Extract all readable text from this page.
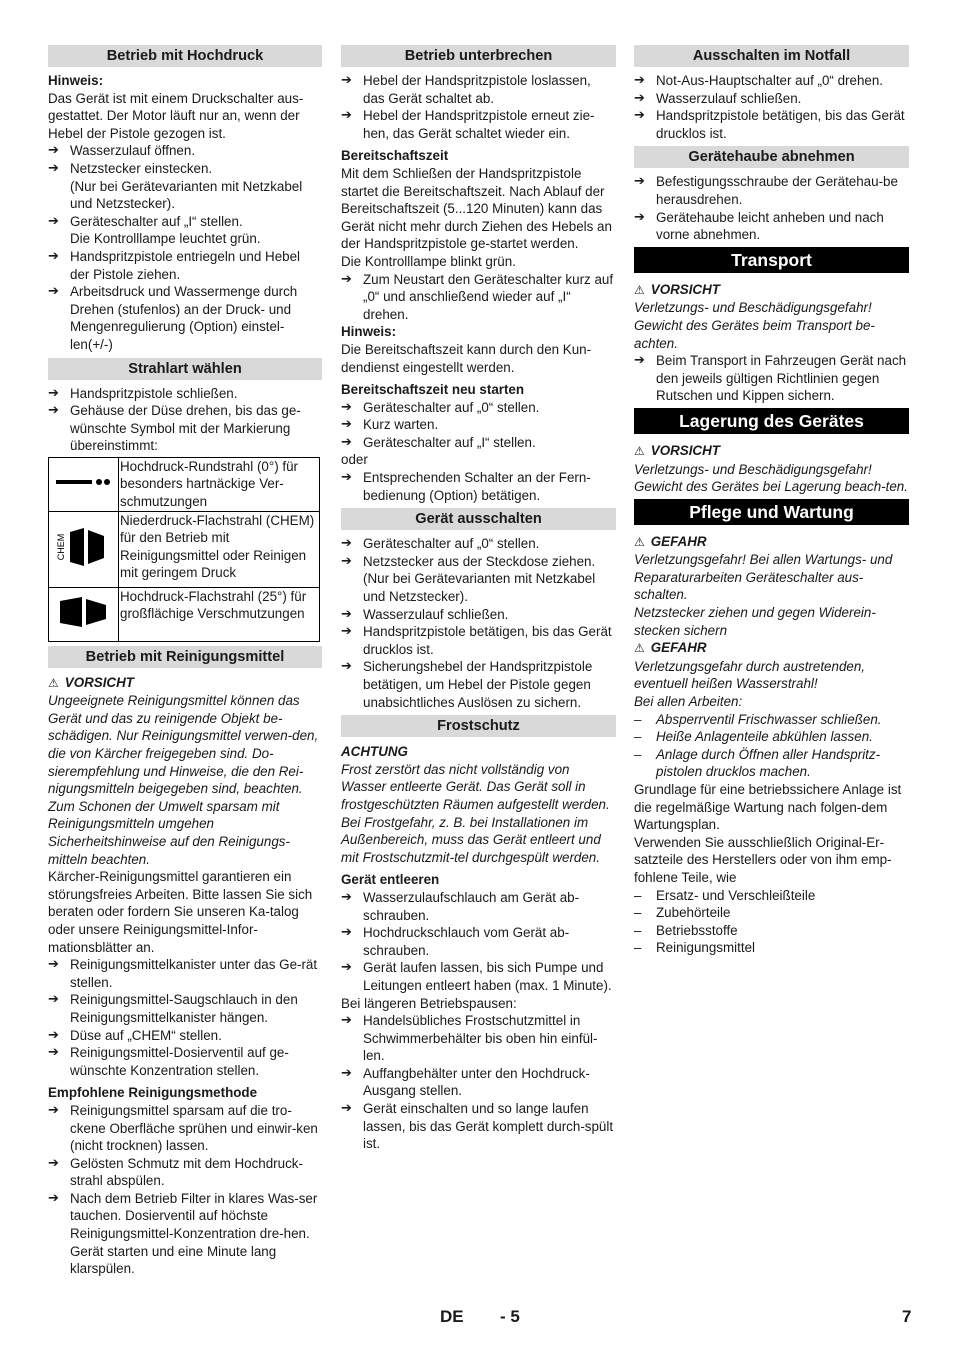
Betrieb mit Hochdruck
Hinweis:
Das Gerät ist mit einem Druckschalter aus-gestattet. Der Motor läuft nur an, wenn der Hebel der Pistole gezogen ist.
➔ Wasserzulauf öffnen.
➔ Netzstecker einstecken.
(Nur bei Gerätevarianten mit Netzkabel und Netzstecker).
➔ Geräteschalter auf „I“ stellen.
Die Kontrolllampe leuchtet grün.
➔ Handspritzpistole entriegeln und Hebel der Pistole ziehen.
➔ Arbeitsdruck und Wassermenge durch Drehen (stufenlos) an der Druck- und Mengenregulierung (Option) einstel-len(+/-)
Strahlart wählen
➔ Handspritzpistole schließen.
➔ Gehäuse der Düse drehen, bis das ge-wünschte Symbol mit der Markierung übereinstimmt:
	Hochdruck-Rundstrahl (0°) für besonders hartnäckige Ver-schmutzungen

CHEM	Niederdruck-Flachstrahl (CHEM) für den Betrieb mit Reinigungsmittel oder Reinigen mit geringem Druck
	Hochdruck-Flachstrahl (25°) für großflächige Verschmutzungen
Betrieb mit Reinigungsmittel
⚠ VORSICHT
Ungeeignete Reinigungsmittel können das Gerät und das zu reinigende Objekt be-schädigen. Nur Reinigungsmittel verwen-den, die von Kärcher freigegeben sind. Do-sierempfehlung und Hinweise, die den Rei-nigungsmitteln beigegeben sind, beachten. Zum Schonen der Umwelt sparsam mit Reinigungsmitteln umgehen Sicherheitshinweise auf den Reinigungs-mitteln beachten.
Kärcher-Reinigungsmittel garantieren ein störungsfreies Arbeiten. Bitte lassen Sie sich beraten oder fordern Sie unseren Ka-talog oder unsere Reinigungsmittel-Infor-mationsblätter an.
➔ Reinigungsmittelkanister unter das Ge-rät stellen.
➔ Reinigungsmittel-Saugschlauch in den Reinigungsmittelkanister hängen.
➔ Düse auf „CHEM“ stellen.
➔ Reinigungsmittel-Dosierventil auf ge-wünschte Konzentration stellen.
Empfohlene Reinigungsmethode
➔ Reinigungsmittel sparsam auf die tro-ckene Oberfläche sprühen und einwir-ken (nicht trocknen) lassen.
➔ Gelösten Schmutz mit dem Hochdruck-strahl abspülen.
➔ Nach dem Betrieb Filter in klares Was-ser tauchen. Dosierventil auf höchste Reinigungsmittel-Konzentration dre-hen. Gerät starten und eine Minute lang klarspülen.
Betrieb unterbrechen
➔ Hebel der Handspritzpistole loslassen, das Gerät schaltet ab.
➔ Hebel der Handspritzpistole erneut zie-hen, das Gerät schaltet wieder ein.
Bereitschaftszeit
Mit dem Schließen der Handspritzpistole startet die Bereitschaftszeit. Nach Ablauf der Bereitschaftszeit (5...120 Minuten) kann das Gerät nicht mehr durch Ziehen des Hebels an der Handspritzpistole ge-startet werden.
Die Kontrolllampe blinkt grün.
➔ Zum Neustart den Geräteschalter kurz auf „0“ und anschließend wieder auf „I“ drehen.
Hinweis:
Die Bereitschaftszeit kann durch den Kun-dendienst eingestellt werden.
Bereitschaftszeit neu starten
➔ Geräteschalter auf „0“ stellen.
➔ Kurz warten.
➔ Geräteschalter auf „I“ stellen.
oder
➔ Entsprechenden Schalter an der Fern-bedienung (Option) betätigen.
Gerät ausschalten
➔ Geräteschalter auf „0“ stellen.
➔ Netzstecker aus der Steckdose ziehen. (Nur bei Gerätevarianten mit Netzkabel und Netzstecker).
➔ Wasserzulauf schließen.
➔ Handspritzpistole betätigen, bis das Gerät drucklos ist.
➔ Sicherungshebel der Handspritzpistole betätigen, um Hebel der Pistole gegen unabsichtliches Auslösen zu sichern.
Frostschutz
ACHTUNG
Frost zerstört das nicht vollständig von Wasser entleerte Gerät. Das Gerät soll in frostgeschützten Räumen aufgestellt werden. Bei Frostgefahr, z. B. bei Installationen im Außenbereich, muss das Gerät entleert und mit Frostschutzmit-tel durchgespült werden.
Gerät entleeren
➔ Wasserzulaufschlauch am Gerät ab-schrauben.
➔ Hochdruckschlauch vom Gerät ab-schrauben.
➔ Gerät laufen lassen, bis sich Pumpe und Leitungen entleert haben (max. 1 Minute).
Bei längeren Betriebspausen:
➔ Handelsübliches Frostschutzmittel in Schwimmerbehälter bis oben hin einfül-len.
➔ Auffangbehälter unter den Hochdruck-Ausgang stellen.
➔ Gerät einschalten und so lange laufen lassen, bis das Gerät komplett durch-spült ist.
Ausschalten im Notfall
➔ Not-Aus-Hauptschalter auf „0“ drehen.
➔ Wasserzulauf schließen.
➔ Handspritzpistole betätigen, bis das Gerät drucklos ist.
Gerätehaube abnehmen
➔ Befestigungsschraube der Gerätehau-be herausdrehen.
➔ Gerätehaube leicht anheben und nach vorne abnehmen.
Transport
⚠ VORSICHT
Verletzungs- und Beschädigungsgefahr! Gewicht des Gerätes beim Transport be-achten.
➔ Beim Transport in Fahrzeugen Gerät nach den jeweils gültigen Richtlinien gegen Rutschen und Kippen sichern.
Lagerung des Gerätes
⚠ VORSICHT
Verletzungs- und Beschädigungsgefahr! Gewicht des Gerätes bei Lagerung beach-ten.
Pflege und Wartung
⚠ GEFAHR
Verletzungsgefahr! Bei allen Wartungs- und Reparaturarbeiten Geräteschalter aus-schalten.
Netzstecker ziehen und gegen Widerein-stecken sichern
⚠ GEFAHR
Verletzungsgefahr durch austretenden, eventuell heißen Wasserstrahl!
Bei allen Arbeiten:
– Absperrventil Frischwasser schließen.
– Heiße Anlagenteile abkühlen lassen.
– Anlage durch Öffnen aller Handspritz-pistolen drucklos machen.
Grundlage für eine betriebssichere Anlage ist die regelmäßige Wartung nach folgen-dem Wartungsplan.
Verwenden Sie ausschließlich Original-Er-satzteile des Herstellers oder von ihm emp-fohlene Teile, wie
– Ersatz- und Verschleißteile
– Zubehörteile
– Betriebsstoffe
– Reinigungsmittel
DE - 5	7
